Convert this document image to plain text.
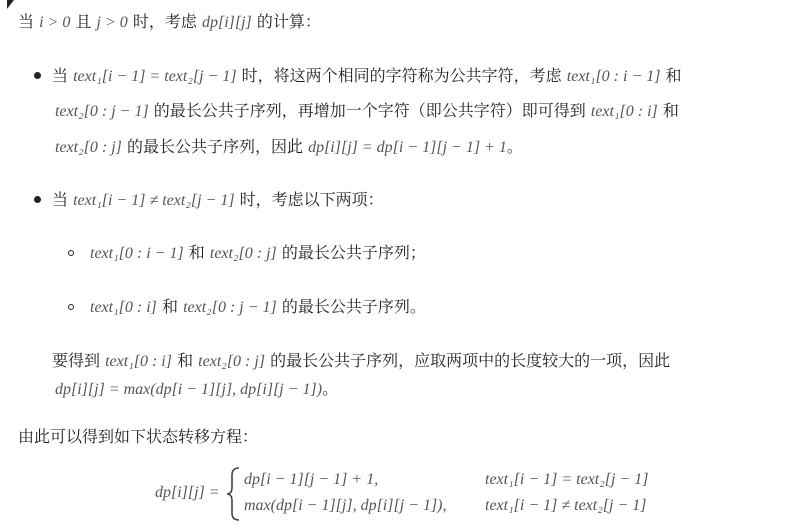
当 i > 0 且 j > 0 时，考虑 dp[i][j] 的计算：
当 text₁[i − 1] = text₂[j − 1] 时，将这两个相同的字符称为公共字符，考虑 text₁[0 : i − 1] 和
text₂[0 : j − 1] 的最长公共子序列，再增加一个字符（即公共字符）即可得到 text₁[0 : i] 和
text₂[0 : j] 的最长公共子序列，因此 dp[i][j] = dp[i − 1][j − 1] + 1。
当 text₁[i − 1] ≠ text₂[j − 1] 时，考虑以下两项：
text₁[0 : i − 1] 和 text₂[0 : j] 的最长公共子序列；
text₁[0 : i] 和 text₂[0 : j − 1] 的最长公共子序列。
要得到 text₁[0 : i] 和 text₂[0 : j] 的最长公共子序列，应取两项中的长度较大的一项，因此
dp[i][j] = max(dp[i − 1][j], dp[i][j − 1])。
由此可以得到如下状态转移方程：
dp[i][j] =
dp[i − 1][j − 1] + 1,	text₁[i − 1] = text₂[j − 1]
max(dp[i − 1][j], dp[i][j − 1]), text₁[i − 1] ≠ text₂[j − 1]
